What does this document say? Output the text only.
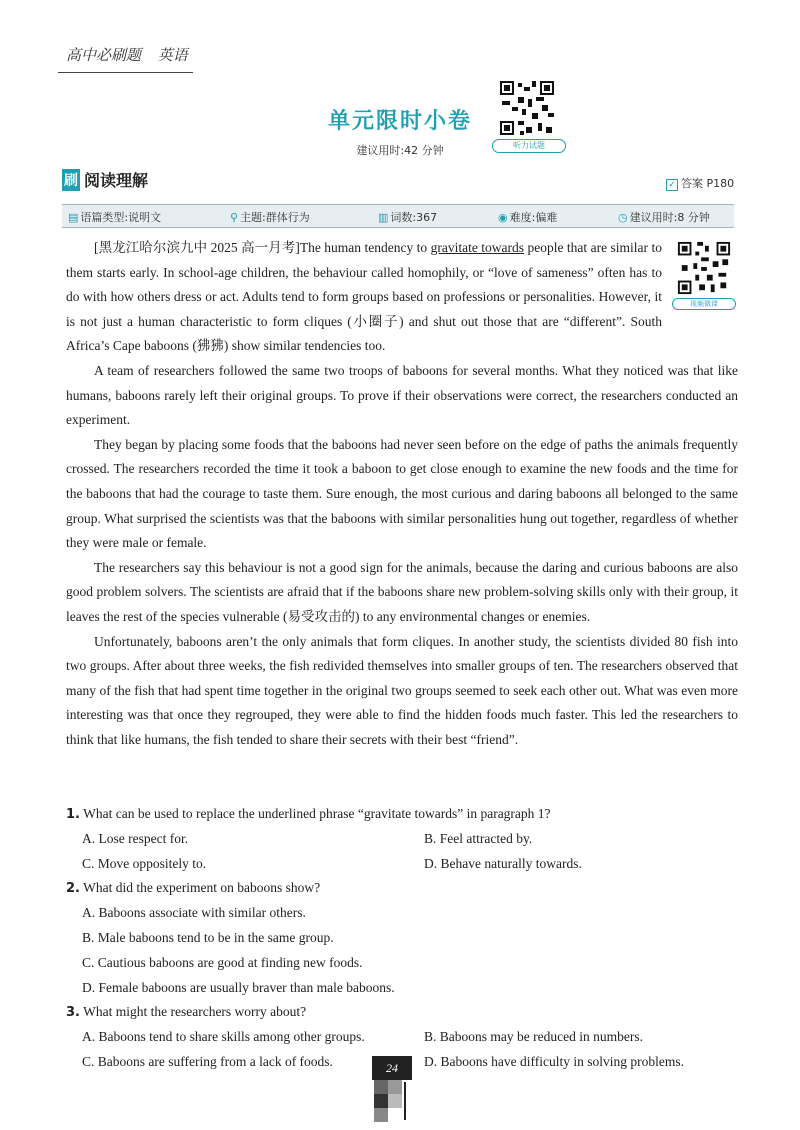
高中必刷题 英语
单元限时小卷
建议用时:42 分钟	听力试题
刷 阅读理解	✓ 答案 P180
▤ 语篇类型:说明文	⚲ 主题:群体行为	▥ 词数:367	◉ 难度:偏难	◷ 建议用时:8 分钟
视频微课

[黑龙江哈尔滨九中 2025 高一月考]The human tendency to gravitate towards people that are similar to them starts early. In school-age children, the behaviour called homophily, or “love of sameness” often has to do with how others dress or act. Adults tend to form groups based on professions or personalities. However, it is not just a human characteristic to form cliques (小圈子) and shut out those that are “different”. South Africa’s Cape baboons (狒狒) show similar tendencies too.

A team of researchers followed the same two troops of baboons for several months. What they noticed was that like humans, baboons rarely left their original groups. To prove if their observations were correct, the researchers conducted an experiment.

They began by placing some foods that the baboons had never seen before on the edge of paths the animals frequently crossed. The researchers recorded the time it took a baboon to get close enough to examine the new foods and the time for the baboons that had the courage to taste them. Sure enough, the most curious and daring baboons all belonged to the same group. What surprised the scientists was that the baboons with similar personalities hung out together, regardless of whether they were male or female.

The researchers say this behaviour is not a good sign for the animals, because the daring and curious baboons are also good problem solvers. The scientists are afraid that if the baboons share new problem-solving skills only with their group, it leaves the rest of the species vulnerable (易受攻击的) to any environmental changes or enemies.

Unfortunately, baboons aren’t the only animals that form cliques. In another study, the scientists divided 80 fish into two groups. After about three weeks, the fish redivided themselves into smaller groups of ten. The researchers observed that many of the fish that had spent time together in the original two groups seemed to seek each other out. What was even more interesting was that once they regrouped, they were able to find the hidden foods much faster. This led the researchers to think that like humans, the fish tended to share their secrets with their best “friend”.

1. What can be used to replace the underlined phrase “gravitate towards” in paragraph 1?
A. Lose respect for.	B. Feel attracted by.
C. Move oppositely to.	D. Behave naturally towards.
2. What did the experiment on baboons show?
A. Baboons associate with similar others.
B. Male baboons tend to be in the same group.
C. Cautious baboons are good at finding new foods.
D. Female baboons are usually braver than male baboons.
3. What might the researchers worry about?
A. Baboons tend to share skills among other groups.	B. Baboons may be reduced in numbers.
C. Baboons are suffering from a lack of foods.	D. Baboons have difficulty in solving problems.
24
